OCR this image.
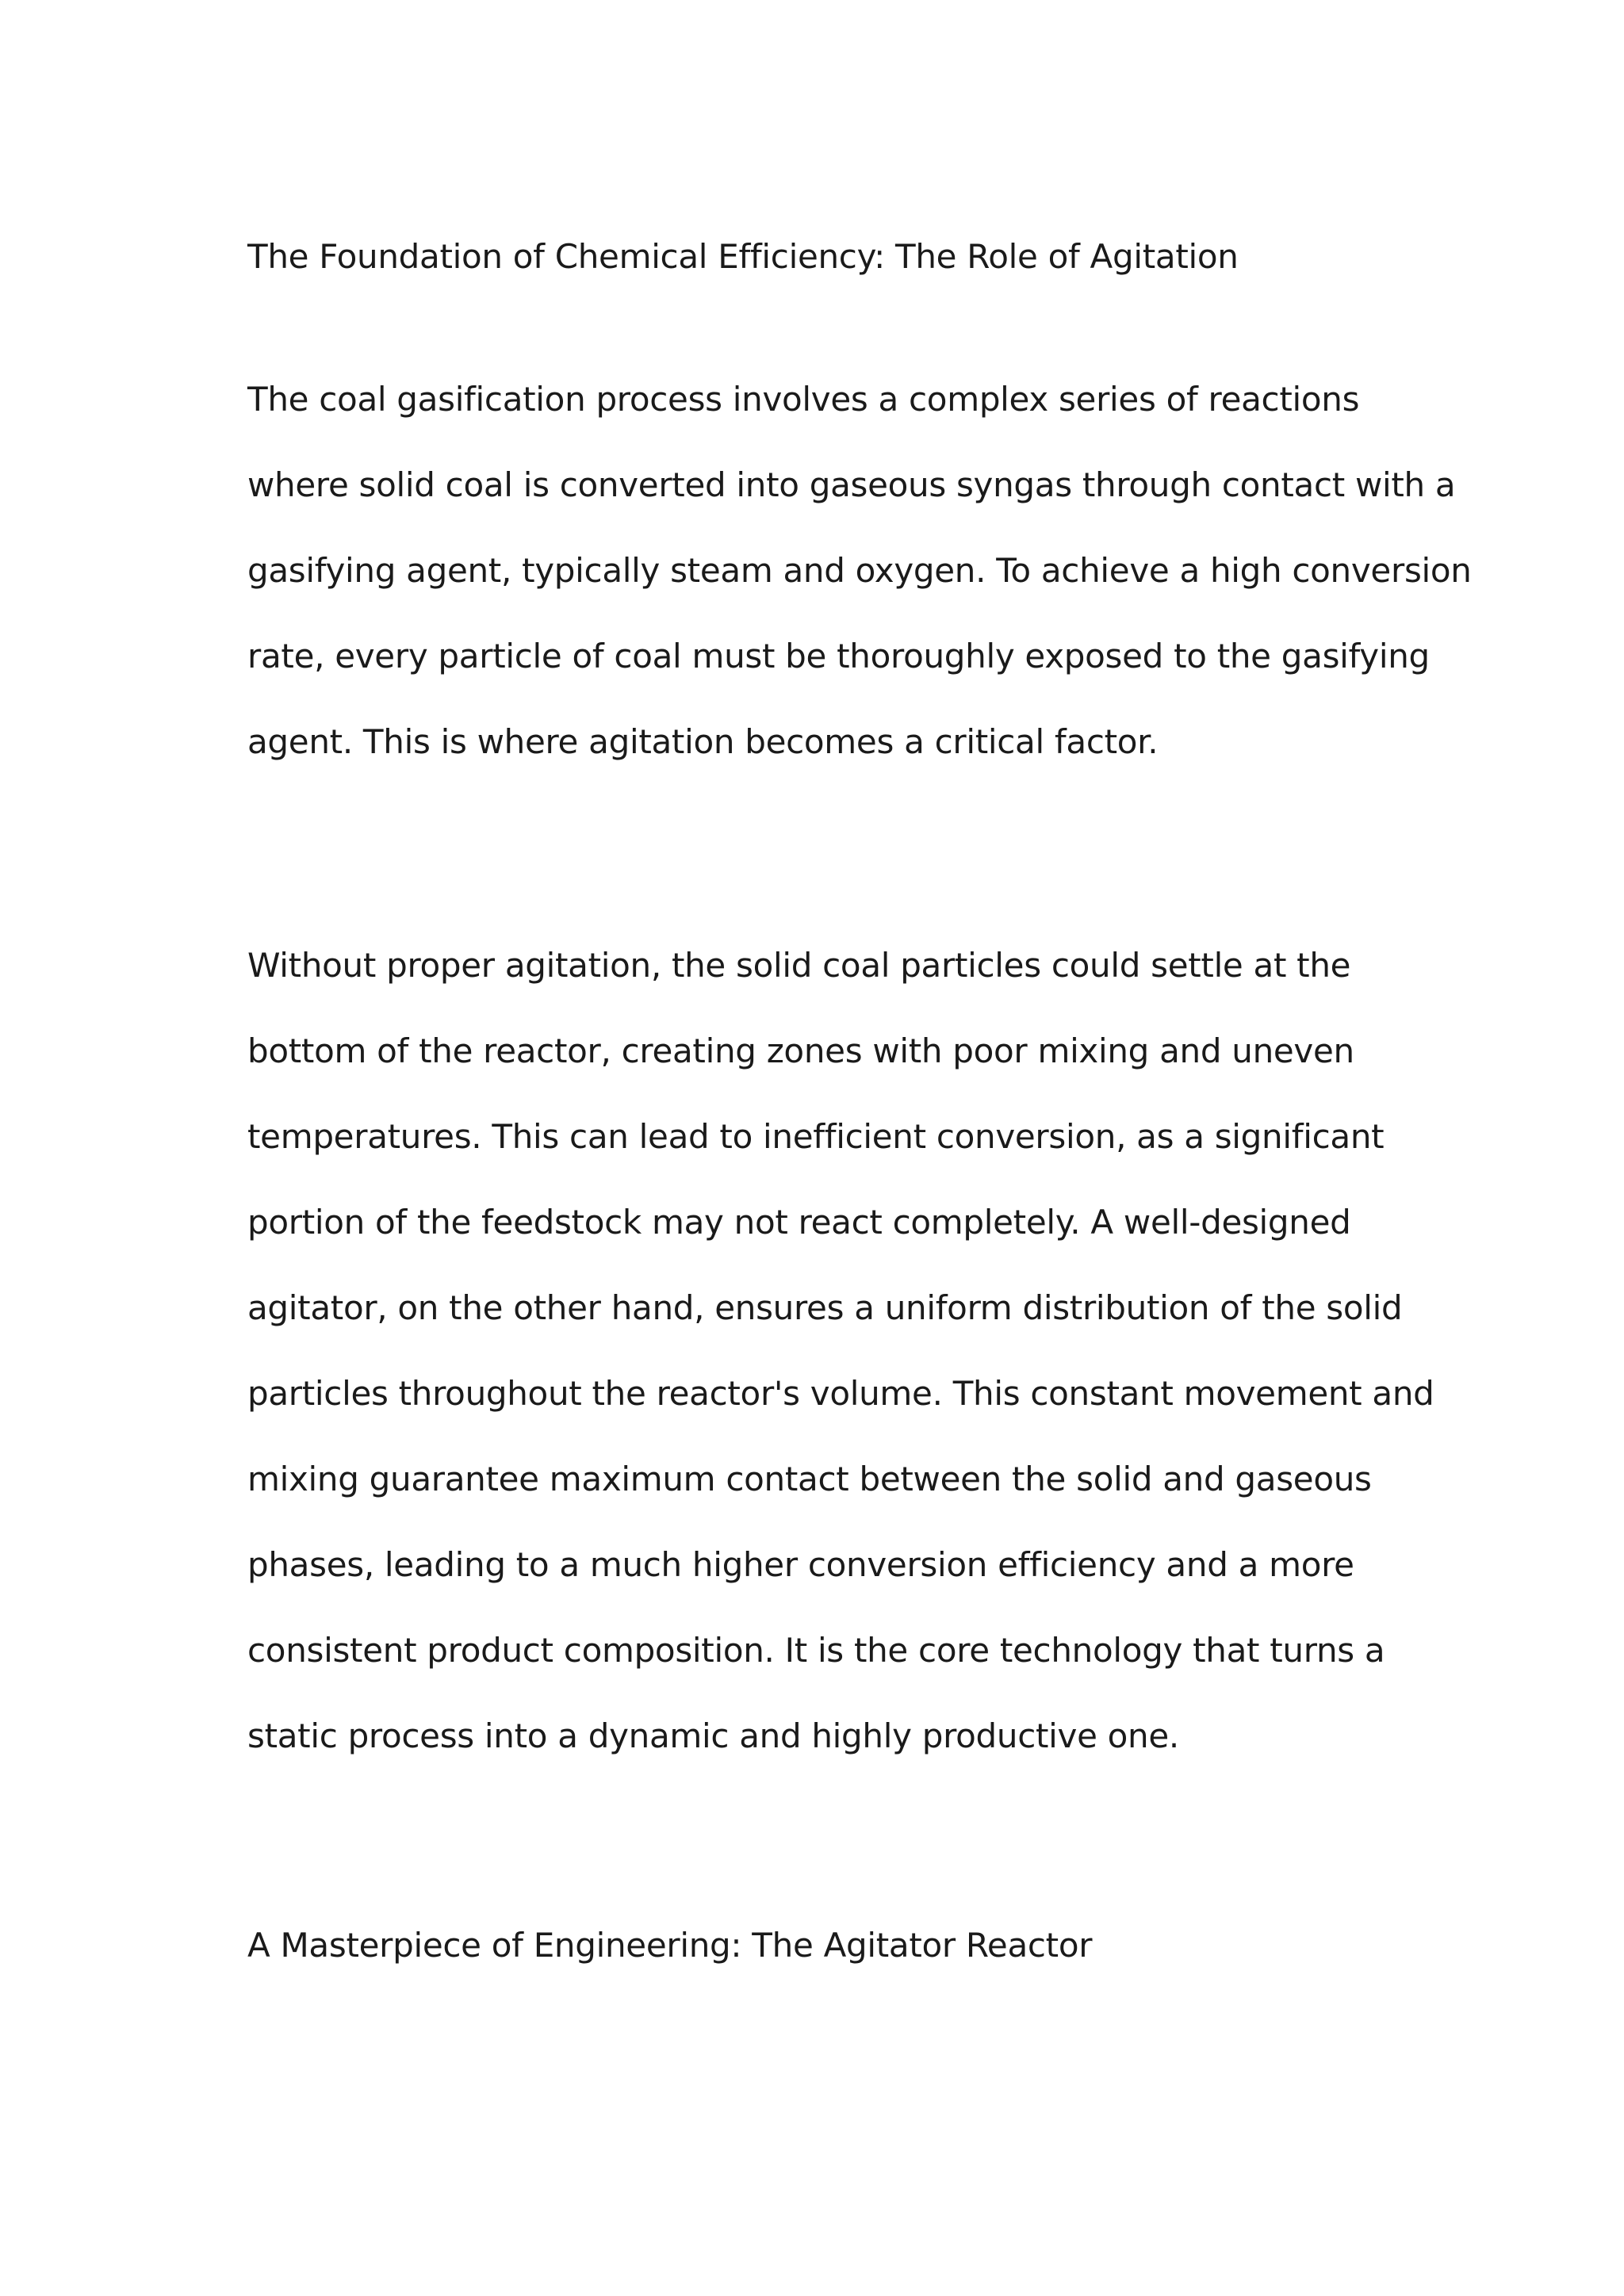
The Foundation of Chemical Efficiency: The Role of Agitation

The coal gasification process involves a complex series of reactions
where solid coal is converted into gaseous syngas through contact with a
gasifying agent, typically steam and oxygen. To achieve a high conversion
rate, every particle of coal must be thoroughly exposed to the gasifying
agent. This is where agitation becomes a critical factor.

Without proper agitation, the solid coal particles could settle at the
bottom of the reactor, creating zones with poor mixing and uneven
temperatures. This can lead to inefficient conversion, as a significant
portion of the feedstock may not react completely. A well-designed
agitator, on the other hand, ensures a uniform distribution of the solid
particles throughout the reactor's volume. This constant movement and
mixing guarantee maximum contact between the solid and gaseous
phases, leading to a much higher conversion efficiency and a more
consistent product composition. It is the core technology that turns a
static process into a dynamic and highly productive one.

A Masterpiece of Engineering: The Agitator Reactor
